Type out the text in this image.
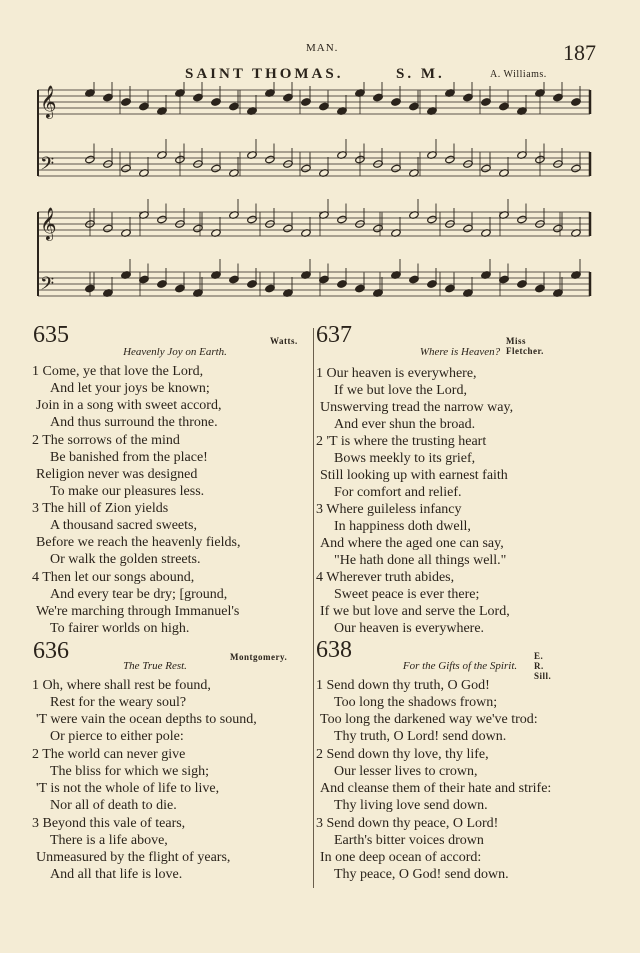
MAN.	187
SAINT THOMAS.	S. M.	A. Williams.
𝄞
𝄢
𝄞
𝄢
635	Watts.
Heavenly Joy on Earth.
1 Come, ye that love the Lord,
And let your joys be known;
Join in a song with sweet accord,
And thus surround the throne.
2 The sorrows of the mind
Be banished from the place!
Religion never was designed
To make our pleasures less.
3 The hill of Zion yields
A thousand sacred sweets,
Before we reach the heavenly fields,
Or walk the golden streets.
4 Then let our songs abound,
And every tear be dry; [ground,
We're marching through Immanuel's
To fairer worlds on high.
636	Montgomery.
The True Rest.
1 Oh, where shall rest be found,
Rest for the weary soul?
'T were vain the ocean depths to sound,
Or pierce to either pole:
2 The world can never give
The bliss for which we sigh;
'T is not the whole of life to live,
Nor all of death to die.
3 Beyond this vale of tears,
There is a life above,
Unmeasured by the flight of years,
And all that life is love.
637	Miss Fletcher.
Where is Heaven?
1 Our heaven is everywhere,
If we but love the Lord,
Unswerving tread the narrow way,
And ever shun the broad.
2 'T is where the trusting heart
Bows meekly to its grief,
Still looking up with earnest faith
For comfort and relief.
3 Where guileless infancy
In happiness doth dwell,
And where the aged one can say,
"He hath done all things well."
4 Wherever truth abides,
Sweet peace is ever there;
If we but love and serve the Lord,
Our heaven is everywhere.
638	E. R. Sill.
For the Gifts of the Spirit.
1 Send down thy truth, O God!
Too long the shadows frown;
Too long the darkened way we've trod:
Thy truth, O Lord! send down.
2 Send down thy love, thy life,
Our lesser lives to crown,
And cleanse them of their hate and strife:
Thy living love send down.
3 Send down thy peace, O Lord!
Earth's bitter voices drown
In one deep ocean of accord:
Thy peace, O God! send down.
